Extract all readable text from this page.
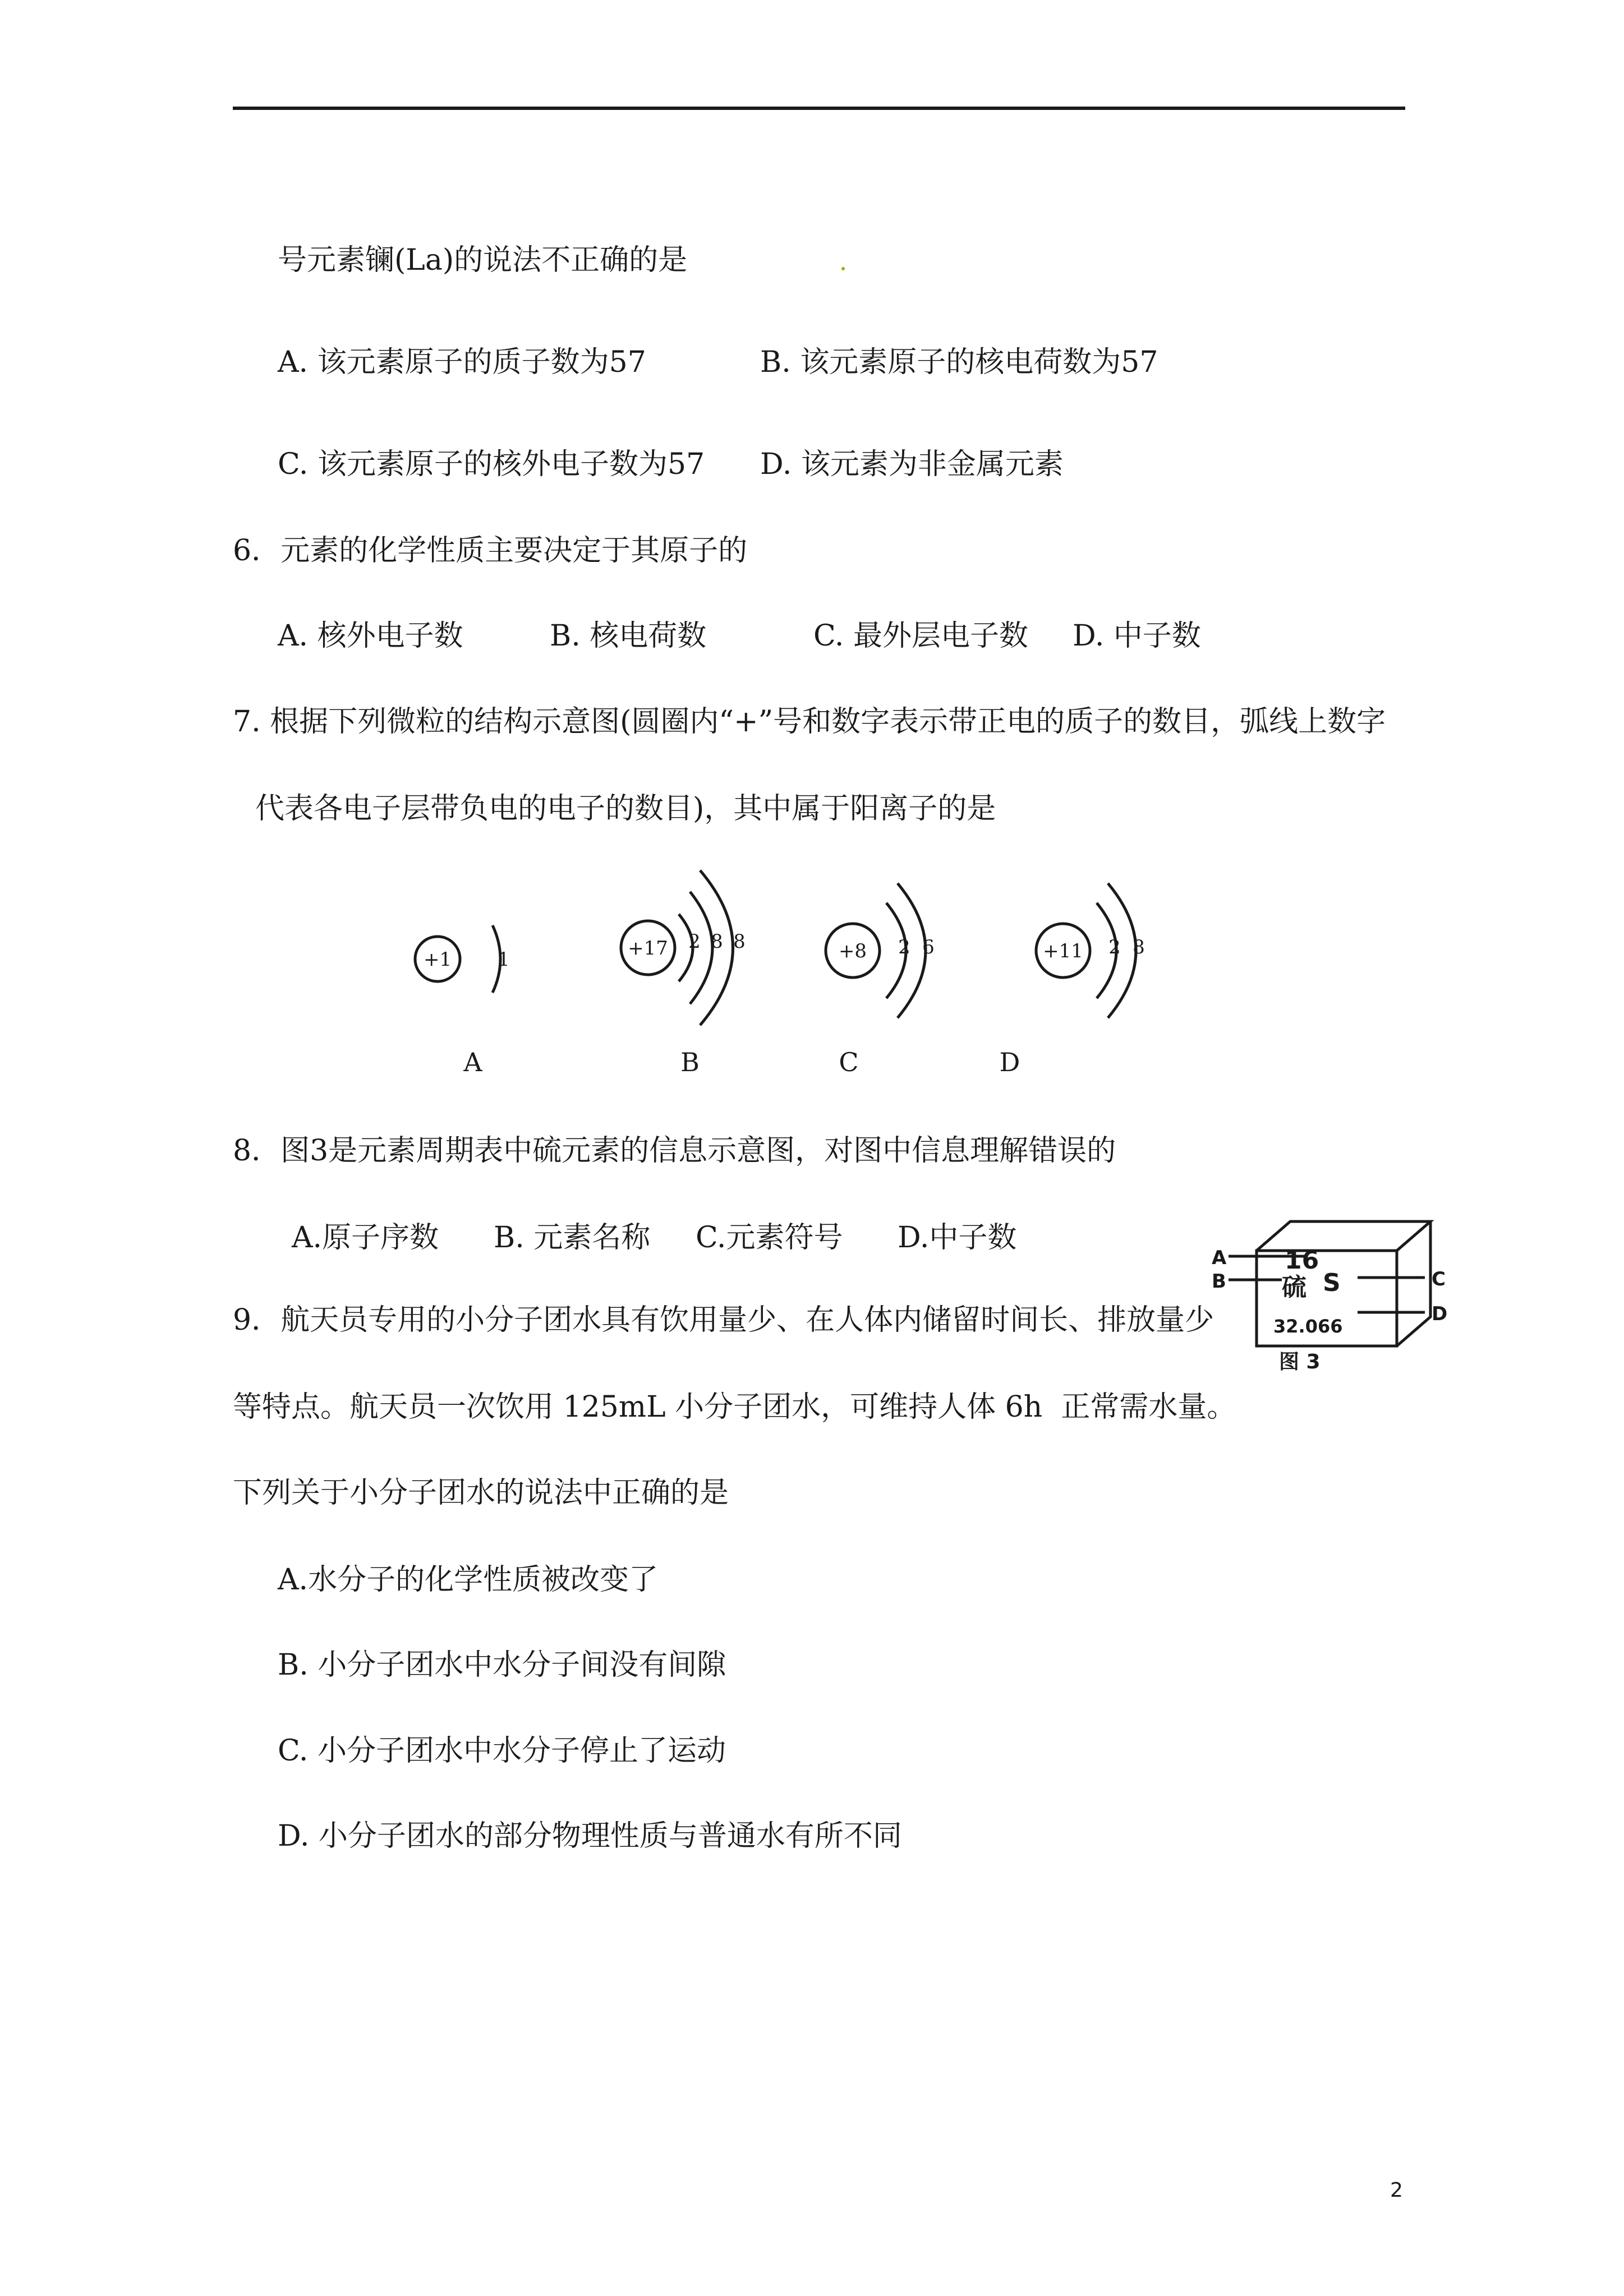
号元素镧(La)的说法不正确的是
A. 该元素原子的质子数为57	B. 该元素原子的核电荷数为57
C. 该元素原子的核外电子数为57 D. 该元素为非金属元素
6．元素的化学性质主要决定于其原子的
A. 核外电子数	B. 核电荷数	C. 最外层电子数 D. 中子数
7. 根据下列微粒的结构示意图(圆圈内“+”号和数字表示带正电的质子的数目，弧线上数字
代表各电子层带负电的电子的数目)，其中属于阳离子的是
+1 1	+17 2 8 8	+8 2 6	+11 2 8
A	B	C	D
8．图3是元素周期表中硫元素的信息示意图，对图中信息理解错误的
A.原子序数 B. 元素名称 C.元素符号 D.中子数
16
硫 S
32.066
A
B	C
D
图 3
9．航天员专用的小分子团水具有饮用量少、在人体内储留时间长、排放量少
等特点。航天员一次饮用 125mL 小分子团水，可维持人体 6h  正常需水量。
下列关于小分子团水的说法中正确的是
A.水分子的化学性质被改变了
B. 小分子团水中水分子间没有间隙
C. 小分子团水中水分子停止了运动
D. 小分子团水的部分物理性质与普通水有所不同
2
